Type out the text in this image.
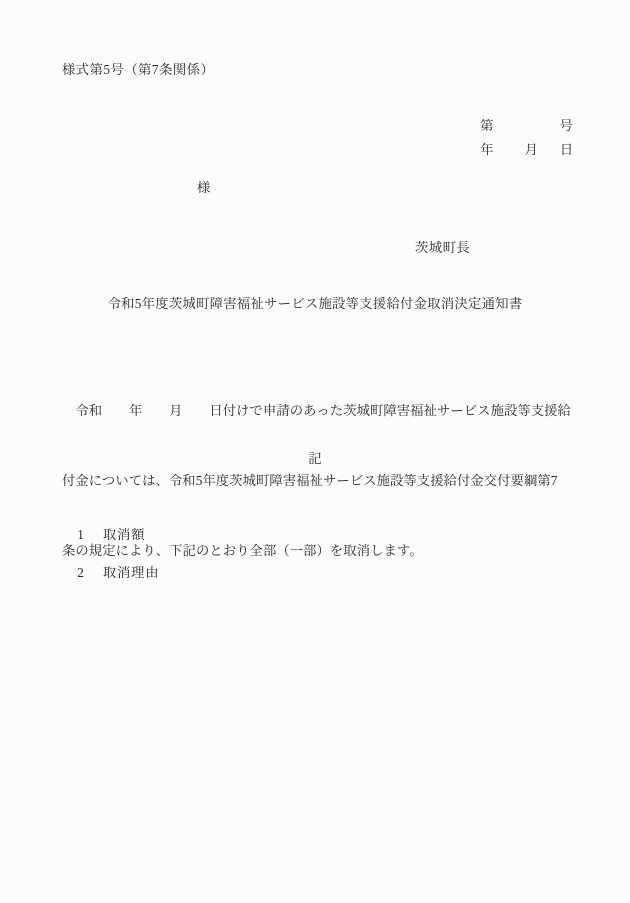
様式第5号（第7条関係）

第	号

年 月 日

様
茨城町長
令和5年度茨城町障害福祉サービス施設等支援給付金取消決定通知書

　令和　　年　　月　　日付けで申請のあった茨城町障害福祉サービス施設等支援給

付金については、令和5年度茨城町障害福祉サービス施設等支援給付金交付要綱第7

条の規定により、下記のとおり全部（一部）を取消します。

記

1 取消額

2 取消理由
